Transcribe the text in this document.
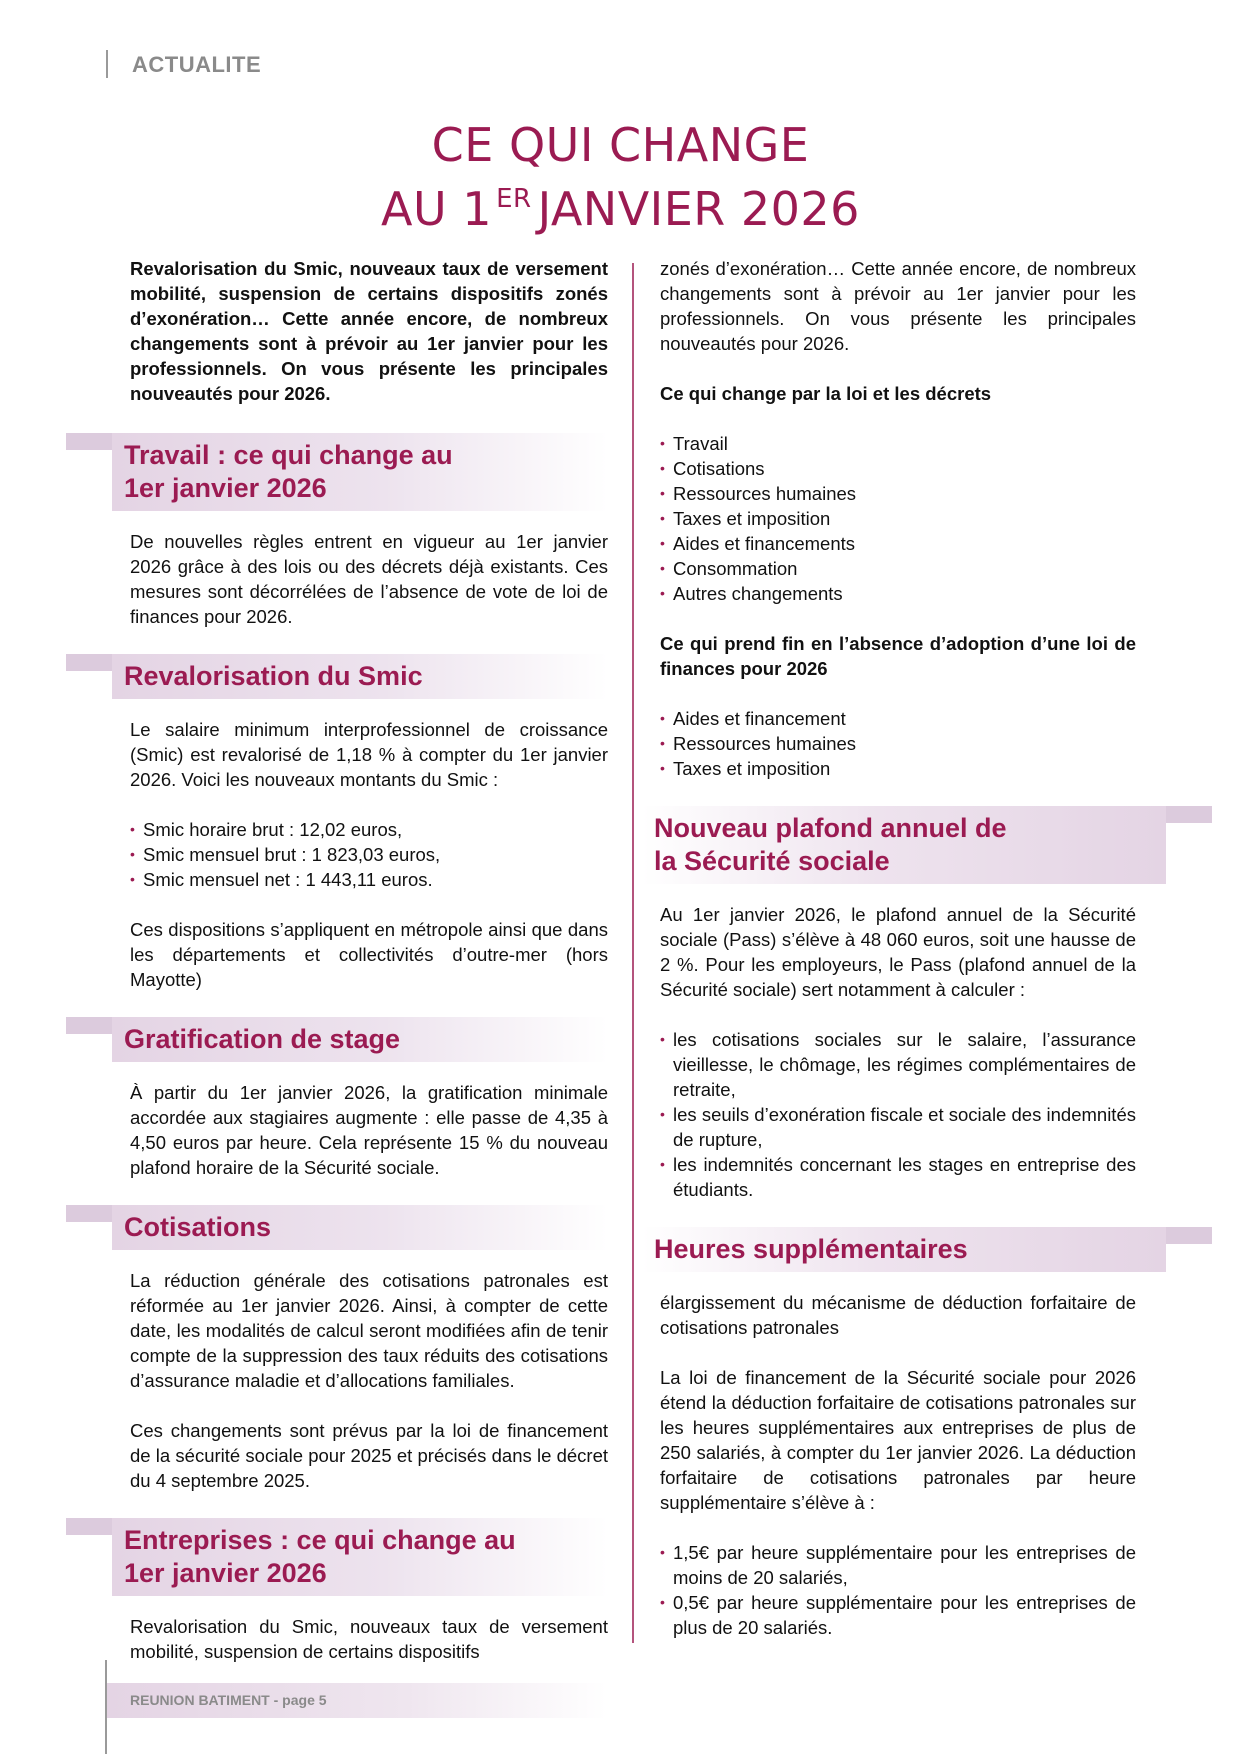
ACTUALITE
CE QUI CHANGE
AU 1 $^{ER}$ JANVIER 2026

Revalorisation du Smic, nouveaux taux de versement mobilité, suspension de certains dispositifs zonés d’exonération… Cette année encore, de nombreux changements sont à prévoir au 1er janvier pour les professionnels. On vous présente les principales nouveautés pour 2026.

Travail : ce qui change au
1er janvier 2026

De nouvelles règles entrent en vigueur au 1er janvier 2026 grâce à des lois ou des décrets déjà existants. Ces mesures sont décorrélées de l’absence de vote de loi de finances pour 2026.

Revalorisation du Smic

Le salaire minimum interprofessionnel de croissance (Smic) est revalorisé de 1,18 % à compter du 1er janvier 2026. Voici les nouveaux montants du Smic :

• Smic horaire brut : 12,02 euros,
• Smic mensuel brut : 1 823,03 euros,
• Smic mensuel net : 1 443,11 euros.

Ces dispositions s’appliquent en métropole ainsi que dans les départements et collectivités d’outre-mer (hors Mayotte)

Gratification de stage

À partir du 1er janvier 2026, la gratification minimale accordée aux stagiaires augmente : elle passe de 4,35 à 4,50 euros par heure. Cela représente 15 % du nouveau plafond horaire de la Sécurité sociale.

Cotisations

La réduction générale des cotisations patronales est réformée au 1er janvier 2026. Ainsi, à compter de cette date, les modalités de calcul seront modifiées afin de tenir compte de la suppression des taux réduits des cotisations d’assurance maladie et d’allocations familiales.

Ces changements sont prévus par la loi de financement de la sécurité sociale pour 2025 et précisés dans le décret du 4 septembre 2025.

Entreprises : ce qui change au
1er janvier 2026

Revalorisation du Smic, nouveaux taux de versement mobilité, suspension de certains dispositifs

zonés d’exonération… Cette année encore, de nombreux changements sont à prévoir au 1er janvier pour les professionnels. On vous présente les principales nouveautés pour 2026.

Ce qui change par la loi et les décrets

• Travail
• Cotisations
• Ressources humaines
• Taxes et imposition
• Aides et financements
• Consommation
• Autres changements

Ce qui prend fin en l’absence d’adoption d’une loi de finances pour 2026

• Aides et financement
• Ressources humaines
• Taxes et imposition
Nouveau plafond annuel de
la Sécurité sociale

Au 1er janvier 2026, le plafond annuel de la Sécurité sociale (Pass) s’élève à 48 060 euros, soit une hausse de 2 %. Pour les employeurs, le Pass (plafond annuel de la Sécurité sociale) sert notamment à calculer :

• les cotisations sociales sur le salaire, l’assurance vieillesse, le chômage, les régimes complémentaires de retraite,
• les seuils d’exonération fiscale et sociale des indemnités de rupture,
• les indemnités concernant les stages en entreprise des étudiants.
Heures supplémentaires

élargissement du mécanisme de déduction forfaitaire de cotisations patronales

La loi de financement de la Sécurité sociale pour 2026 étend la déduction forfaitaire de cotisations patronales sur les heures supplémentaires aux entreprises de plus de 250 salariés, à compter du 1er janvier 2026. La déduction forfaitaire de cotisations patronales par heure supplémentaire s’élève à :

• 1,5€ par heure supplémentaire pour les entreprises de moins de 20 salariés,
• 0,5€ par heure supplémentaire pour les entreprises de plus de 20 salariés.
REUNION BATIMENT - page 5
